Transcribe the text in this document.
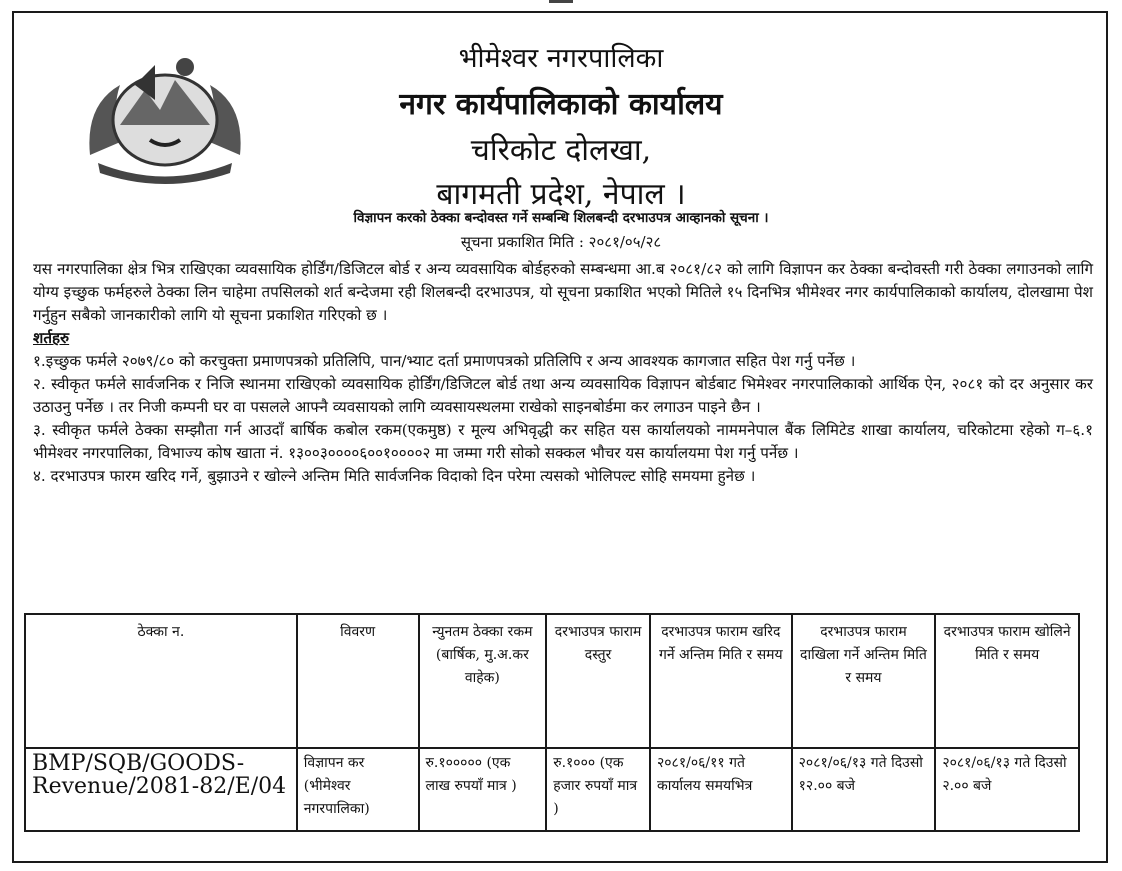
भीमेश्वर नगरपालिका
नगर कार्यपालिकाको कार्यालय
चरिकोट दोलखा,
बागमती प्रदेश, नेपाल ।
विज्ञापन करको ठेक्का बन्दोवस्त गर्ने सम्बन्धि शिलबन्दी दरभाउपत्र आव्हानको सूचना ।
सूचना प्रकाशित मिति : २०८१/०५/२८

यस नगरपालिका क्षेत्र भित्र राखिएका व्यवसायिक होर्डिंग/डिजिटल बोर्ड र अन्य व्यवसायिक बोर्डहरुको सम्बन्धमा आ.ब २०८१/८२ को लागि विज्ञापन कर ठेक्का बन्दोवस्ती गरी ठेक्का लगाउनको लागि योग्य इच्छुक फर्महरुले ठेक्का लिन चाहेमा तपसिलको शर्त बन्देजमा रही शिलबन्दी दरभाउपत्र, यो सूचना प्रकाशित भएको मितिले १५ दिनभित्र भीमेश्वर नगर कार्यपालिकाको कार्यालय, दोलखामा पेश गर्नुहुन सबैको जानकारीको लागि यो सूचना प्रकाशित गरिएको छ ।

शर्तहरु

१.इच्छुक फर्मले २०७९/८० को करचुक्ता प्रमाणपत्रको प्रतिलिपि, पान/भ्याट दर्ता प्रमाणपत्रको प्रतिलिपि र अन्य आवश्यक कागजात सहित पेश गर्नु पर्नेछ ।

२. स्वीकृत फर्मले सार्वजनिक र निजि स्थानमा राखिएको व्यवसायिक होर्डिंग/डिजिटल बोर्ड तथा अन्य व्यवसायिक विज्ञापन बोर्डबाट भिमेश्वर नगरपालिकाको आर्थिक ऐन, २०८१ को दर अनुसार कर उठाउनु पर्नेछ । तर निजी कम्पनी घर वा पसलले आफ्नै व्यवसायको लागि व्यवसायस्थलमा राखेको साइनबोर्डमा कर लगाउन पाइने छैन ।

३. स्वीकृत फर्मले ठेक्का सम्झौता गर्न आउदाँ बार्षिक कबोल रकम(एकमुष्ठ) र मूल्य अभिवृद्धी कर सहित यस कार्यालयको नाममनेपाल बैंक लिमिटेड शाखा कार्यालय, चरिकोटमा रहेको ग–६.१ भीमेश्वर नगरपालिका, विभाज्य कोष खाता नं. १३००३००००६००१००००२ मा जम्मा गरी सोको सक्कल भौचर यस कार्यालयमा पेश गर्नु पर्नेछ ।

४. दरभाउपत्र फारम खरिद गर्ने, बुझाउने र खोल्ने अन्तिम मिति सार्वजनिक विदाको दिन परेमा त्यसको भोलिपल्ट सोहि समयमा हुनेछ ।

ठेक्का न.	विवरण	न्युनतम ठेक्का रकम (बार्षिक, मु.अ.कर वाहेक)	दरभाउपत्र फाराम दस्तुर	दरभाउपत्र फाराम खरिद गर्ने अन्तिम मिति र समय	दरभाउपत्र फाराम दाखिला गर्ने अन्तिम मिति र समय	दरभाउपत्र फाराम खोलिने मिति र समय
BMP/SQB/GOODS-Revenue/2081-82/E/04	विज्ञापन कर (भीमेश्वर नगरपालिका)	रु.१००००० (एक लाख रुपयाँ मात्र )	रु.१००० (एक हजार रुपयाँ मात्र )	२०८१/०६/११ गते कार्यालय समयभित्र	२०८१/०६/१३ गते दिउसो १२.०० बजे	२०८१/०६/१३ गते दिउसो २.०० बजे
